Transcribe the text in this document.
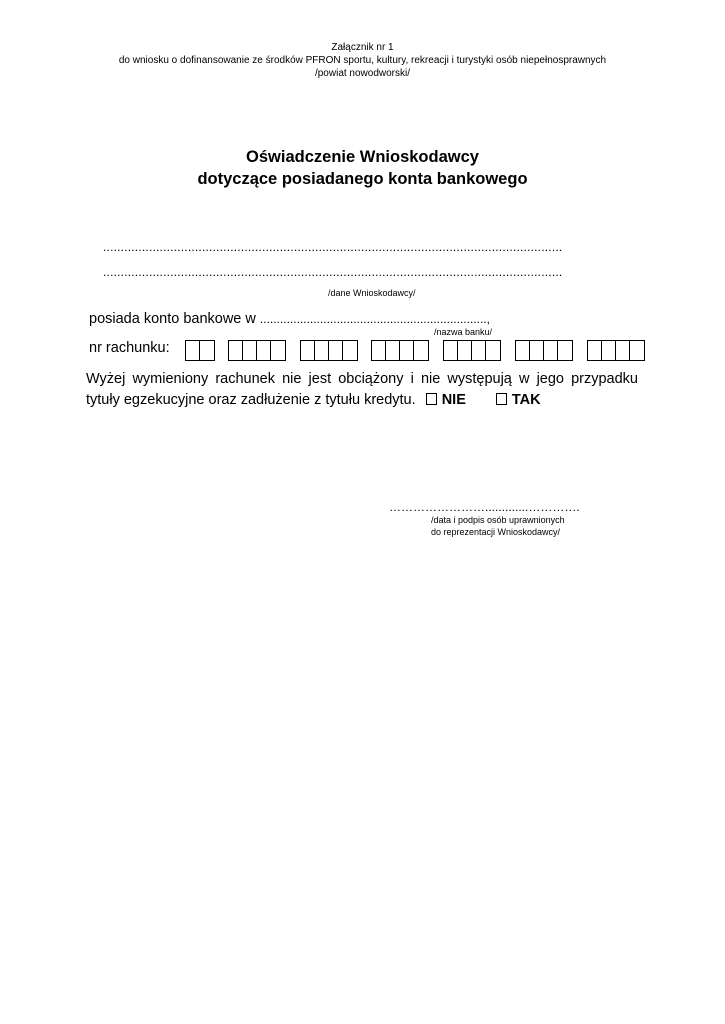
Załącznik nr 1
do wniosku o dofinansowanie ze środków PFRON sportu, kultury, rekreacji i turystyki osób niepełnosprawnych
/powiat nowodworski/
Oświadczenie Wnioskodawcy
dotyczące posiadanego konta bankowego
..................................................................................................................................
..................................................................................................................................
/dane Wnioskodawcy/
posiada konto bankowe w ....................................................................,
/nazwa banku/
nr rachunku:
Wyżej wymieniony rachunek nie jest obciążony i nie występują w jego przypadku
tytuły egzekucyjne oraz zadłużenie z tytułu kredytu. NIE	TAK
…………………….............………….
/data i podpis osób uprawnionych
do reprezentacji Wnioskodawcy/
